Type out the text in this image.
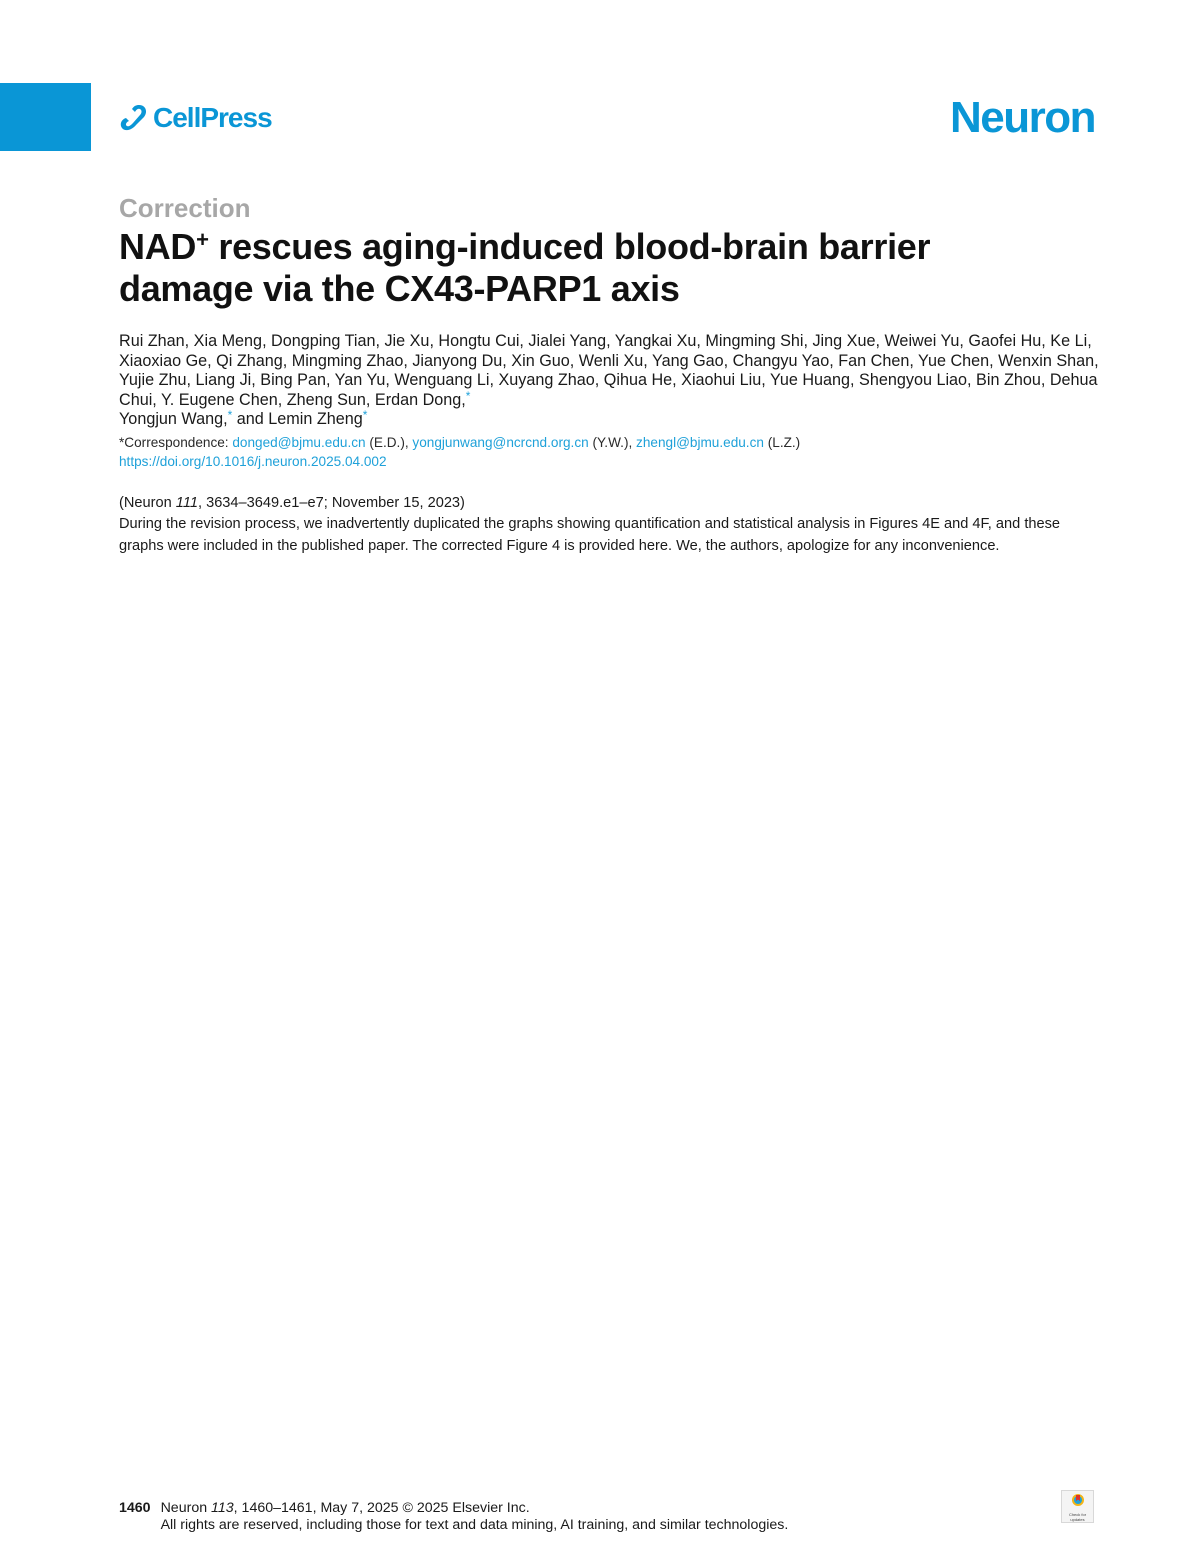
CellPress	Neuron
Correction
NAD+ rescues aging-induced blood-brain barrier
damage via the CX43-PARP1 axis

Rui Zhan, Xia Meng, Dongping Tian, Jie Xu, Hongtu Cui, Jialei Yang, Yangkai Xu, Mingming Shi, Jing Xue, Weiwei Yu, Gaofei Hu, Ke Li, Xiaoxiao Ge, Qi Zhang, Mingming Zhao, Jianyong Du, Xin Guo, Wenli Xu, Yang Gao, Changyu Yao, Fan Chen, Yue Chen, Wenxin Shan, Yujie Zhu, Liang Ji, Bing Pan, Yan Yu, Wenguang Li, Xuyang Zhao, Qihua He, Xiaohui Liu, Yue Huang, Shengyou Liao, Bin Zhou, Dehua Chui, Y. Eugene Chen, Zheng Sun, Erdan Dong,*
Yongjun Wang,* and Lemin Zheng*

*Correspondence: donged@bjmu.edu.cn (E.D.), yongjunwang@ncrcnd.org.cn (Y.W.), zhengl@bjmu.edu.cn (L.Z.)
https://doi.org/10.1016/j.neuron.2025.04.002
(Neuron 111, 3634–3649.e1–e7; November 15, 2023)

During the revision process, we inadvertently duplicated the graphs showing quantification and statistical analysis in Figures 4E and 4F, and these graphs were included in the published paper. The corrected Figure 4 is provided here. We, the authors, apologize for any inconvenience.

1460 Neuron 113, 1460–1461, May 7, 2025 © 2025 Elsevier Inc.
All rights are reserved, including those for text and data mining, AI training, and similar technologies.
Check for updates
